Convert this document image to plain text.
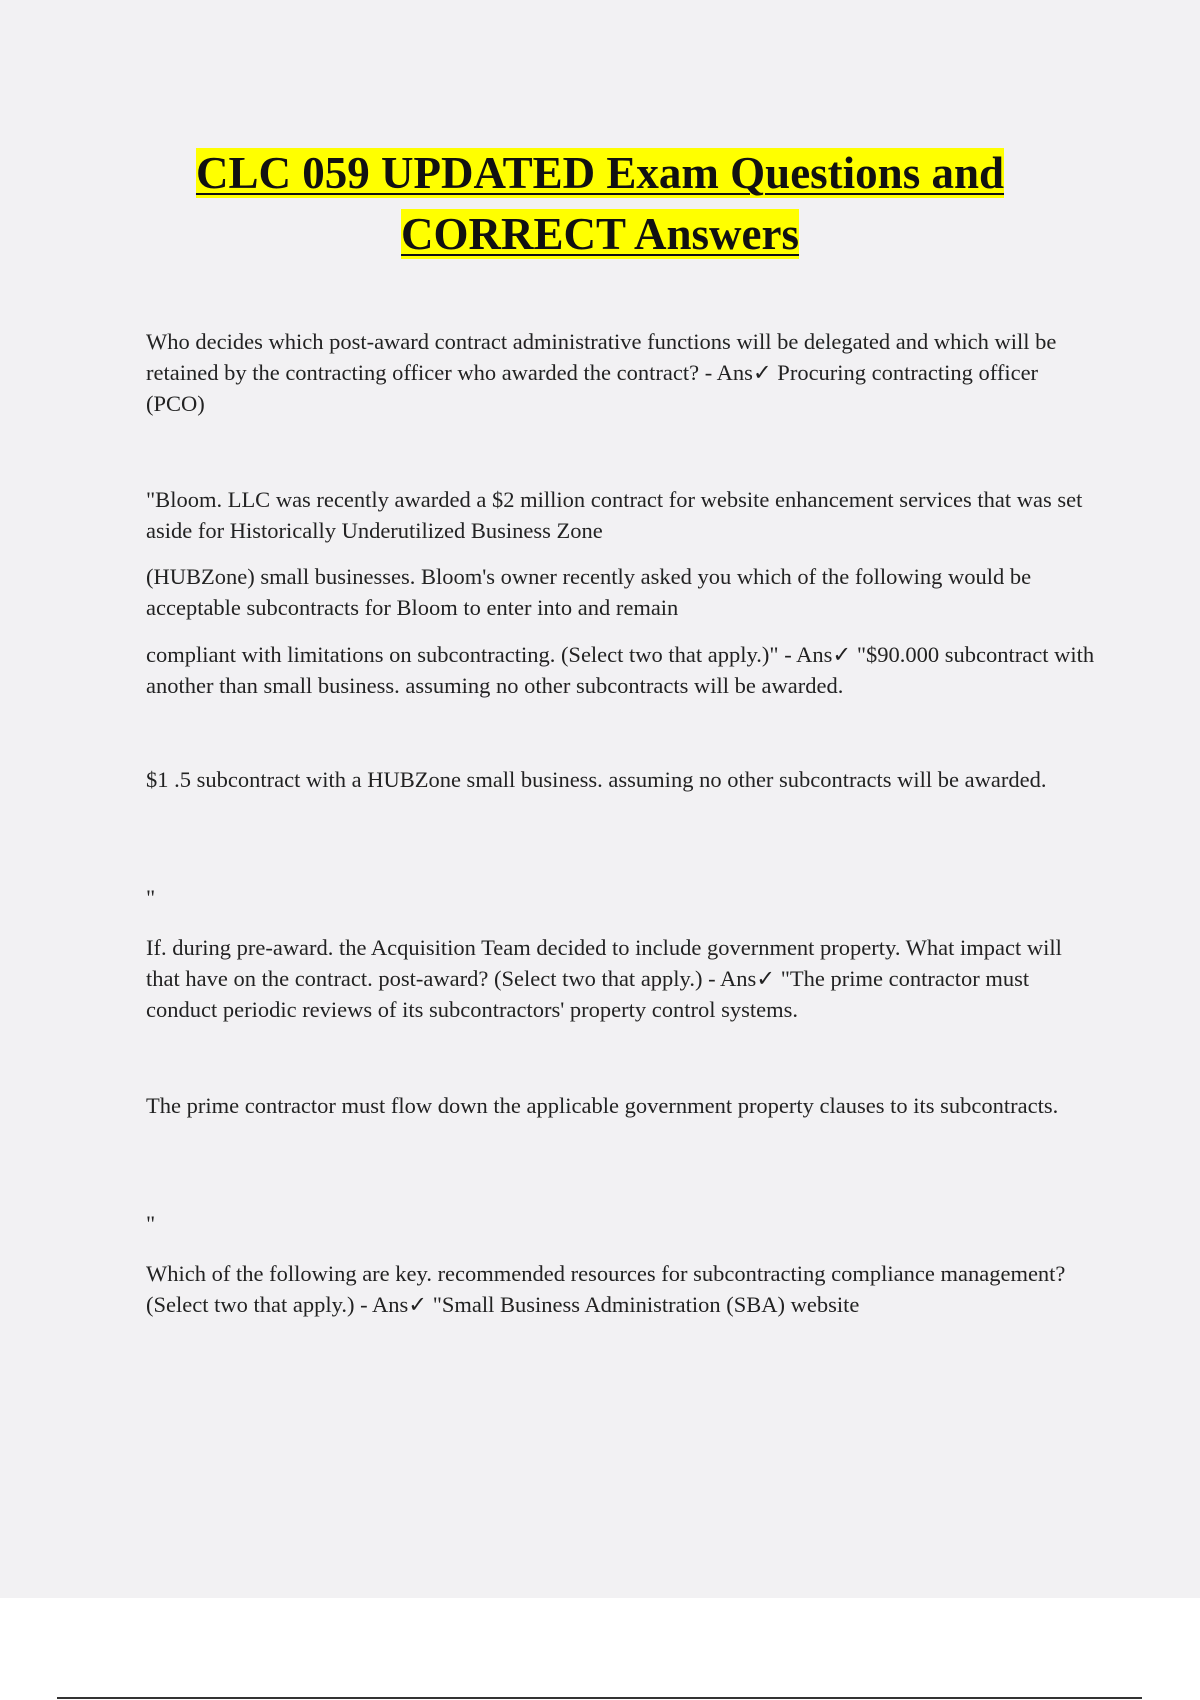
CLC 059 UPDATED Exam Questions and
CORRECT Answers

Who decides which post-award contract administrative functions will be delegated and which will be retained by the contracting officer who awarded the contract? - Ans✓ Procuring contracting officer (PCO)

"Bloom. LLC was recently awarded a $2 million contract for website enhancement services that was set aside for Historically Underutilized Business Zone

(HUBZone) small businesses. Bloom's owner recently asked you which of the following would be acceptable subcontracts for Bloom to enter into and remain

compliant with limitations on subcontracting. (Select two that apply.)" - Ans✓ "$90.000 subcontract with another than small business. assuming no other subcontracts will be awarded.

$1 .5 subcontract with a HUBZone small business. assuming no other subcontracts will be awarded.

"

If. during pre-award. the Acquisition Team decided to include government property. What impact will that have on the contract. post-award? (Select two that apply.) - Ans✓ "The prime contractor must conduct periodic reviews of its subcontractors' property control systems.

The prime contractor must flow down the applicable government property clauses to its subcontracts.

"

Which of the following are key. recommended resources for subcontracting compliance management? (Select two that apply.) - Ans✓ "Small Business Administration (SBA) website
